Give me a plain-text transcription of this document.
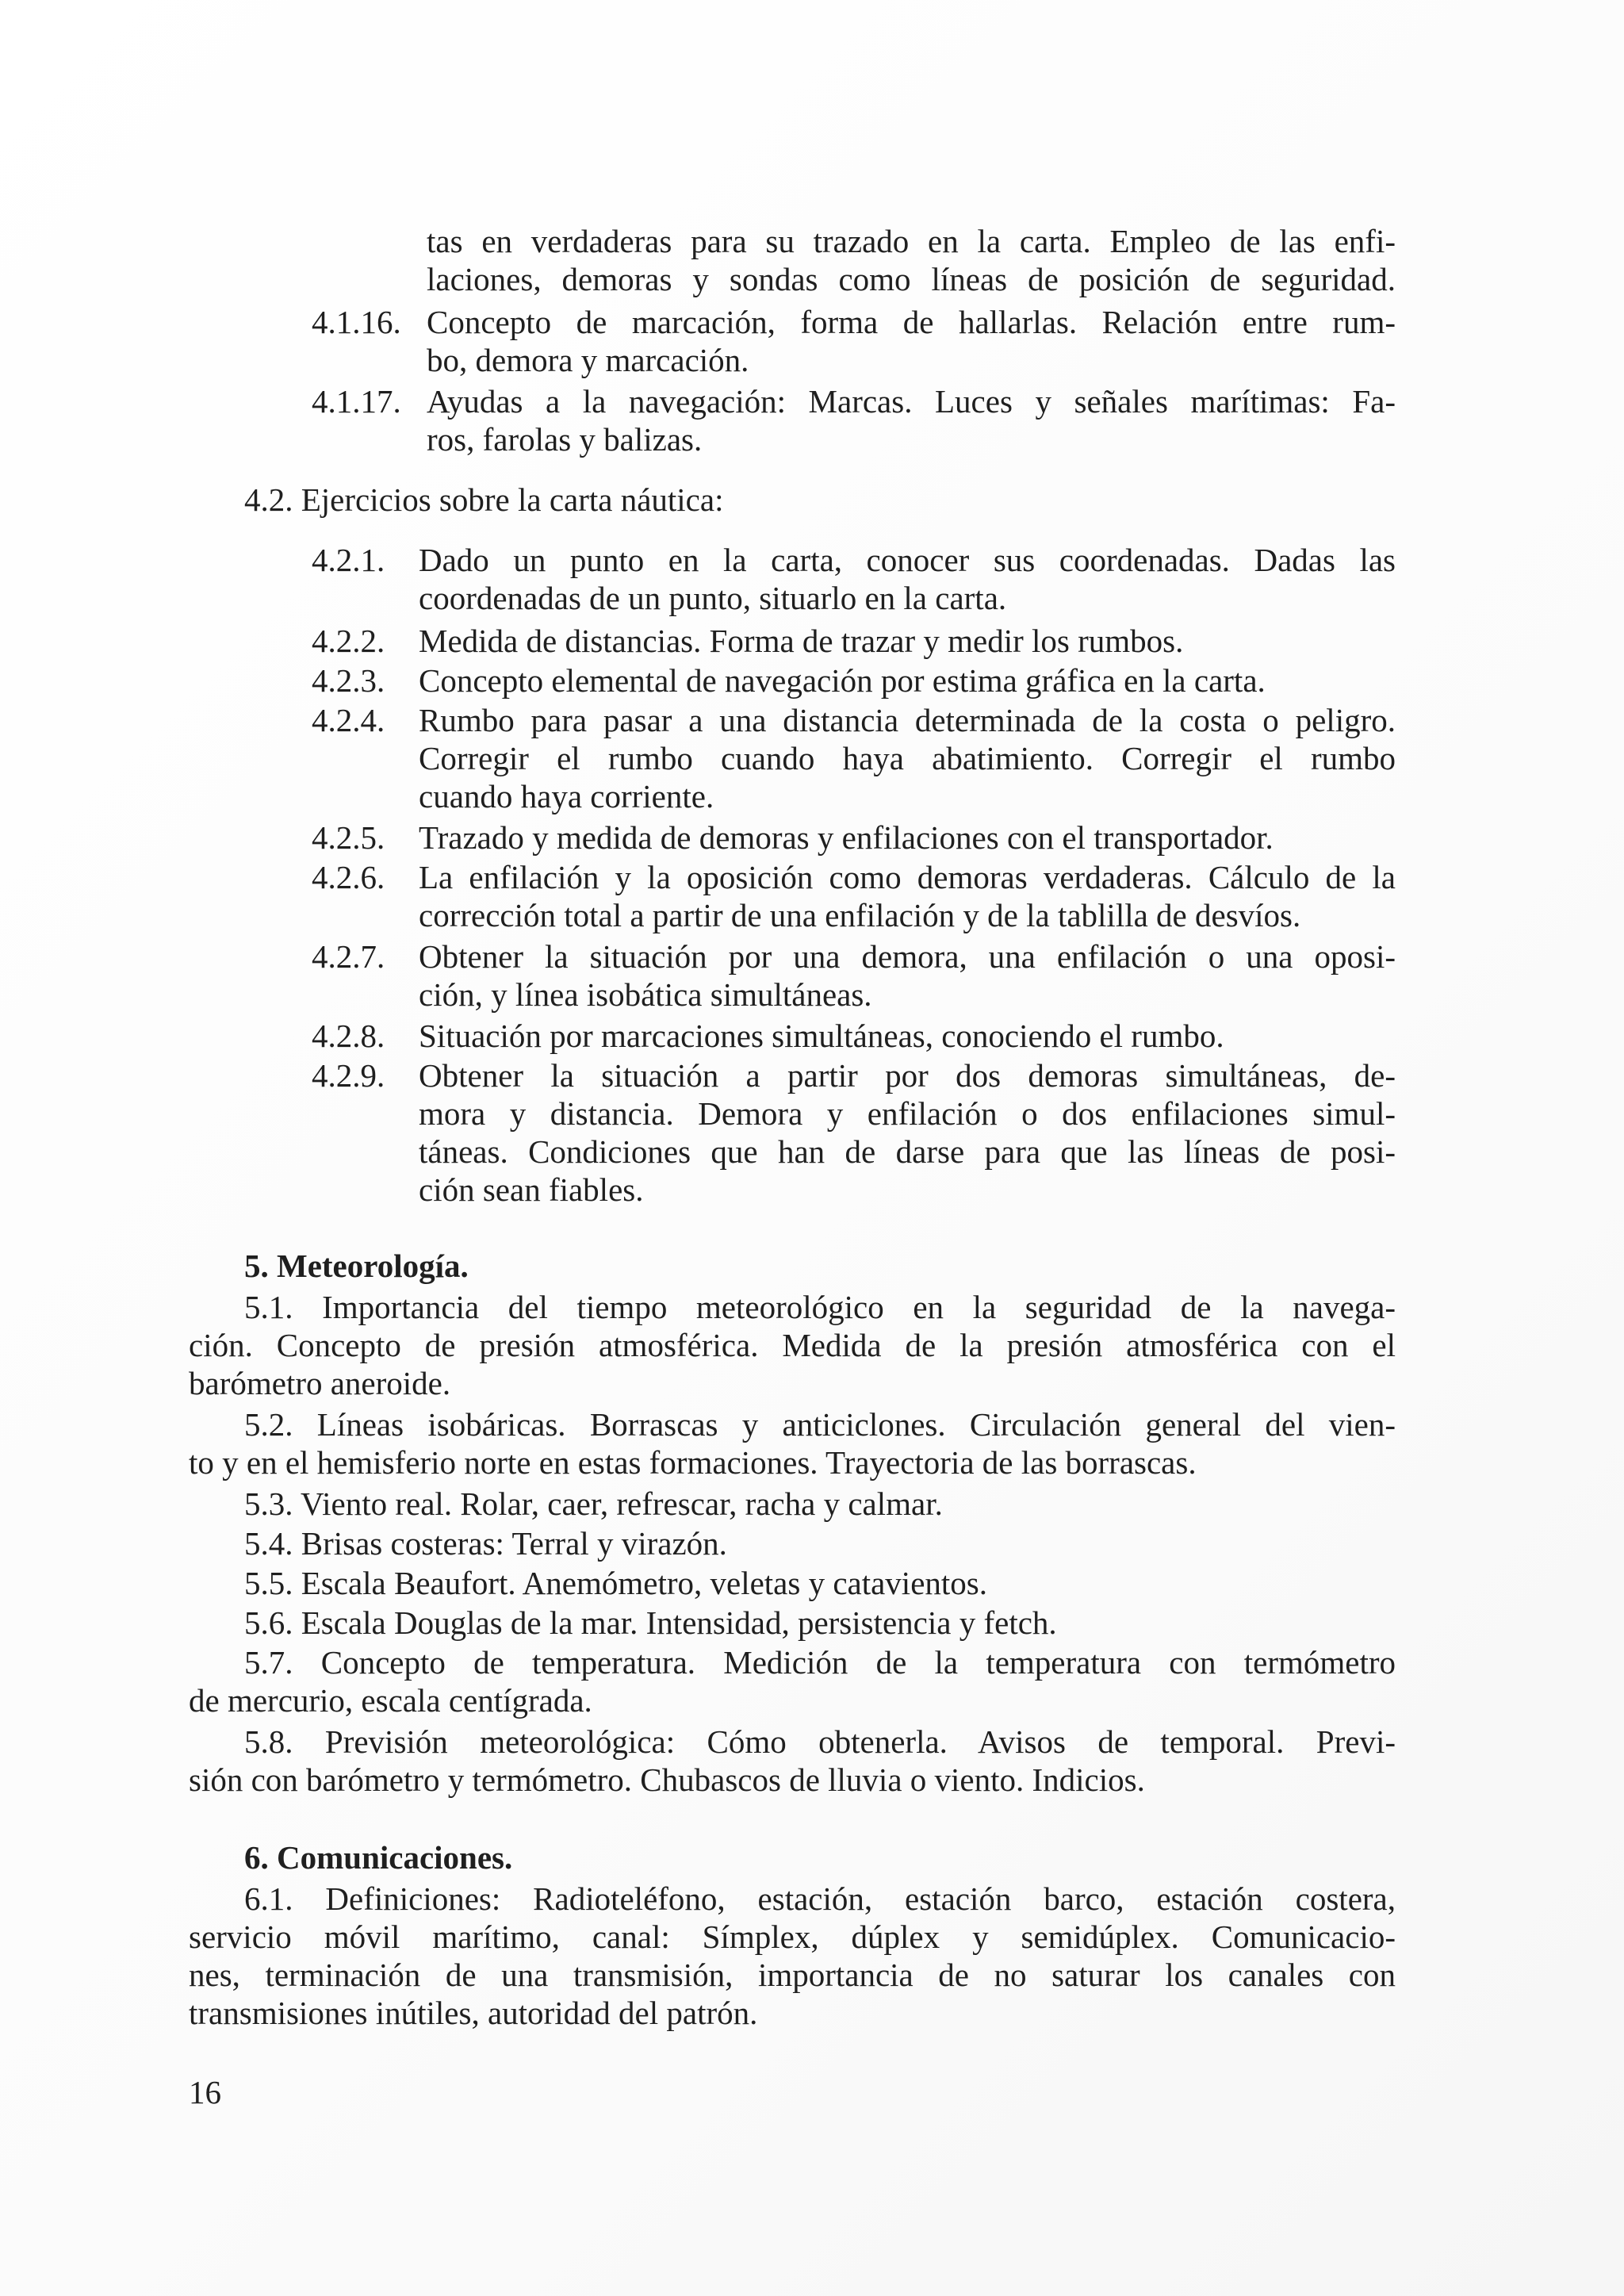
tas en verdaderas para su trazado en la carta. Empleo de las enfi-
laciones, demoras y sondas como líneas de posición de seguridad.
4.1.16. Concepto de marcación, forma de hallarlas. Relación entre rum-
bo, demora y marcación.
4.1.17. Ayudas a la navegación: Marcas. Luces y señales marítimas: Fa-
ros, farolas y balizas.
4.2. Ejercicios sobre la carta náutica:
4.2.1. Dado un punto en la carta, conocer sus coordenadas. Dadas las
coordenadas de un punto, situarlo en la carta.
4.2.2. Medida de distancias. Forma de trazar y medir los rumbos.
4.2.3. Concepto elemental de navegación por estima gráfica en la carta.
4.2.4. Rumbo para pasar a una distancia determinada de la costa o peligro.
Corregir el rumbo cuando haya abatimiento. Corregir el rumbo
cuando haya corriente.
4.2.5. Trazado y medida de demoras y enfilaciones con el transportador.
4.2.6. La enfilación y la oposición como demoras verdaderas. Cálculo de la
corrección total a partir de una enfilación y de la tablilla de desvíos.
4.2.7. Obtener la situación por una demora, una enfilación o una oposi-
ción, y línea isobática simultáneas.
4.2.8. Situación por marcaciones simultáneas, conociendo el rumbo.
4.2.9. Obtener la situación a partir por dos demoras simultáneas, de-
mora y distancia. Demora y enfilación o dos enfilaciones simul-
táneas. Condiciones que han de darse para que las líneas de posi-
ción sean fiables.
5. Meteorología.
5.1. Importancia del tiempo meteorológico en la seguridad de la navega-
ción. Concepto de presión atmosférica. Medida de la presión atmosférica con el
barómetro aneroide.
5.2. Líneas isobáricas. Borrascas y anticiclones. Circulación general del vien-
to y en el hemisferio norte en estas formaciones. Trayectoria de las borrascas.
5.3. Viento real. Rolar, caer, refrescar, racha y calmar.
5.4. Brisas costeras: Terral y virazón.
5.5. Escala Beaufort. Anemómetro, veletas y catavientos.
5.6. Escala Douglas de la mar. Intensidad, persistencia y fetch.
5.7. Concepto de temperatura. Medición de la temperatura con termómetro
de mercurio, escala centígrada.
5.8. Previsión meteorológica: Cómo obtenerla. Avisos de temporal. Previ-
sión con barómetro y termómetro. Chubascos de lluvia o viento. Indicios.
6. Comunicaciones.
6.1. Definiciones: Radioteléfono, estación, estación barco, estación costera,
servicio móvil marítimo, canal: Símplex, dúplex y semidúplex. Comunicacio-
nes, terminación de una transmisión, importancia de no saturar los canales con
transmisiones inútiles, autoridad del patrón.
16
